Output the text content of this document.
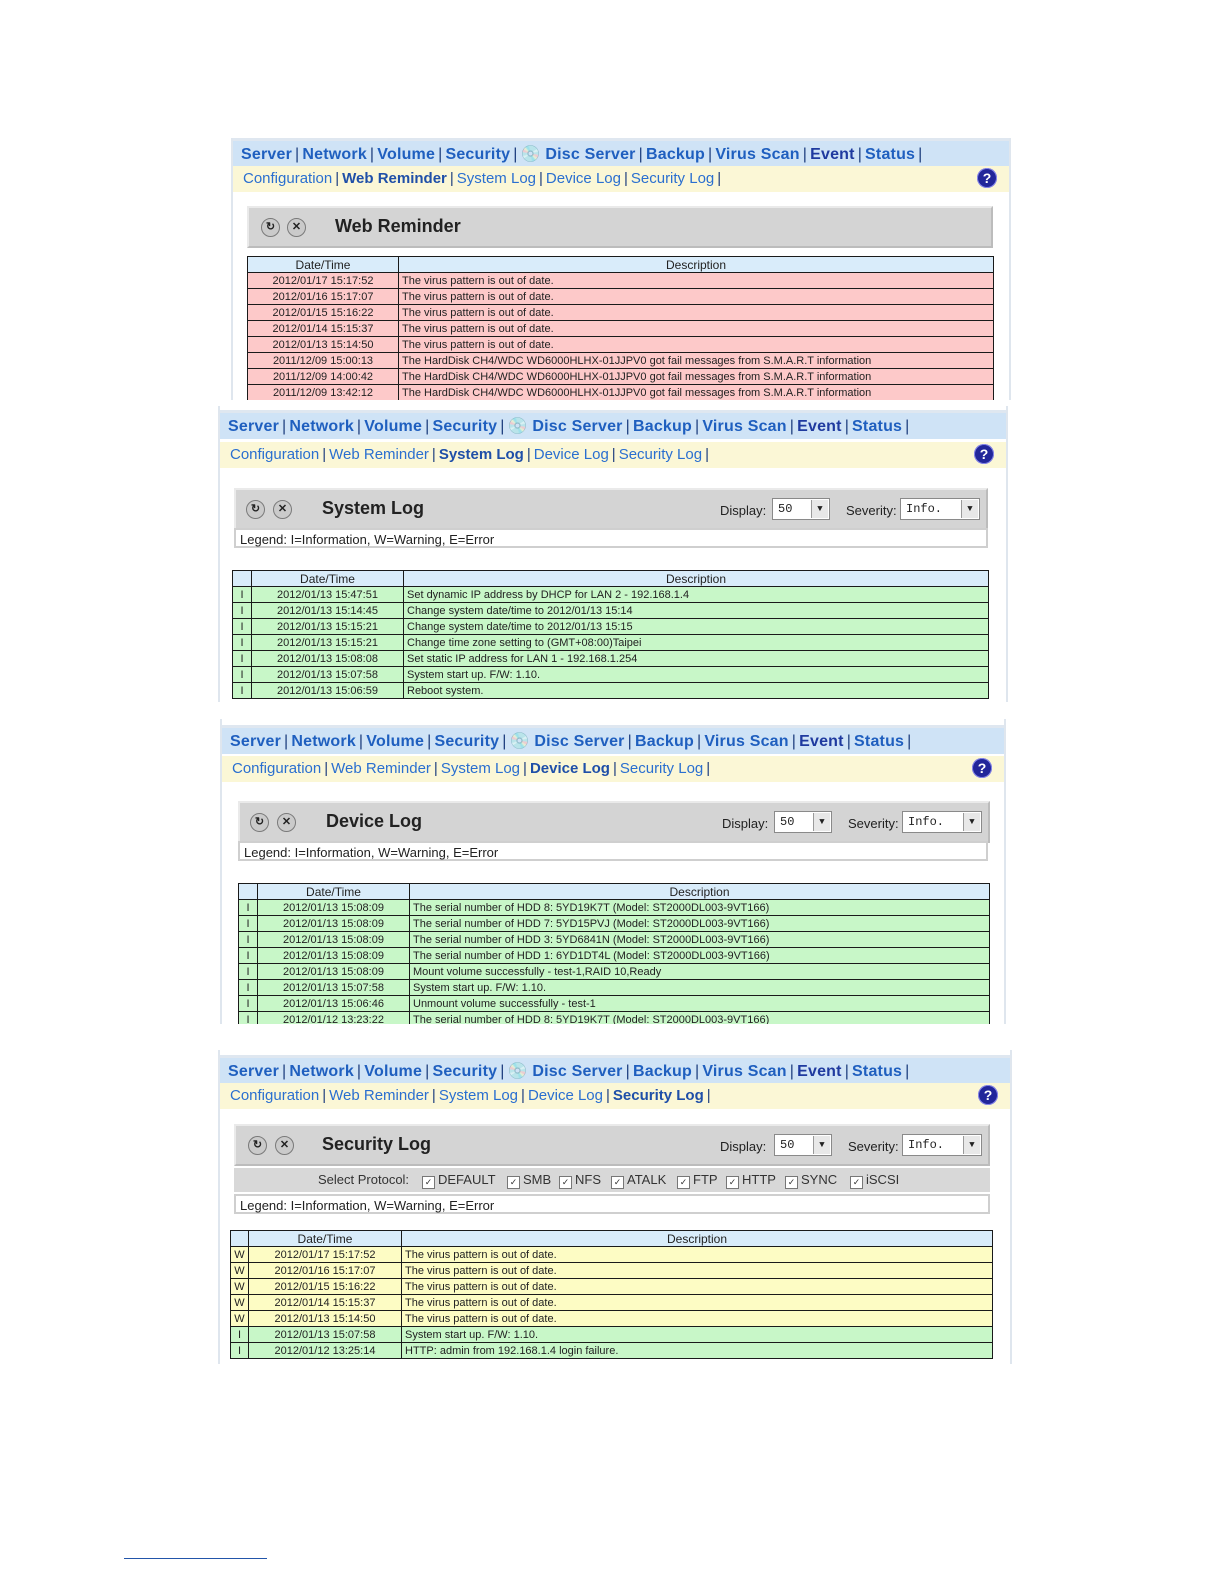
Server | Network | Volume | Security | 💿 Disc Server | Backup | Virus Scan | Event | Status |
Configuration | Web Reminder | System Log | Device Log | Security Log |	?
↻	✕ Web Reminder
Date/Time	Description
2012/01/17 15:17:52	The virus pattern is out of date.
2012/01/16 15:17:07	The virus pattern is out of date.
2012/01/15 15:16:22	The virus pattern is out of date.
2012/01/14 15:15:37	The virus pattern is out of date.
2012/01/13 15:14:50	The virus pattern is out of date.
2011/12/09 15:00:13	The HardDisk CH4/WDC WD6000HLHX-01JJPV0 got fail messages from S.M.A.R.T information
2011/12/09 14:00:42	The HardDisk CH4/WDC WD6000HLHX-01JJPV0 got fail messages from S.M.A.R.T information
2011/12/09 13:42:12	The HardDisk CH4/WDC WD6000HLHX-01JJPV0 got fail messages from S.M.A.R.T information
Server | Network | Volume | Security | 💿 Disc Server | Backup | Virus Scan | Event | Status |
Configuration | Web Reminder | System Log | Device Log | Security Log |	?
↻	✕ System Log	Display: 50	▼	Severity: Info.	▼
Legend: I=Information, W=Warning, E=Error
	Date/Time	Description
I	2012/01/13 15:47:51	Set dynamic IP address by DHCP for LAN 2 - 192.168.1.4
I	2012/01/13 15:14:45	Change system date/time to 2012/01/13 15:14
I	2012/01/13 15:15:21	Change system date/time to 2012/01/13 15:15
I	2012/01/13 15:15:21	Change time zone setting to (GMT+08:00)Taipei
I	2012/01/13 15:08:08	Set static IP address for LAN 1 - 192.168.1.254
I	2012/01/13 15:07:58	System start up. F/W: 1.10.
I	2012/01/13 15:06:59	Reboot system.
Server | Network | Volume | Security | 💿 Disc Server | Backup | Virus Scan | Event | Status |
Configuration | Web Reminder | System Log | Device Log | Security Log |	?
↻	✕ Device Log	Display: 50	▼	Severity: Info.	▼
Legend: I=Information, W=Warning, E=Error
	Date/Time	Description
I	2012/01/13 15:08:09	The serial number of HDD 8: 5YD19K7T (Model: ST2000DL003-9VT166)
I	2012/01/13 15:08:09	The serial number of HDD 7: 5YD15PVJ (Model: ST2000DL003-9VT166)
I	2012/01/13 15:08:09	The serial number of HDD 3: 5YD6841N (Model: ST2000DL003-9VT166)
I	2012/01/13 15:08:09	The serial number of HDD 1: 6YD1DT4L (Model: ST2000DL003-9VT166)
I	2012/01/13 15:08:09	Mount volume successfully - test-1,RAID 10,Ready
I	2012/01/13 15:07:58	System start up. F/W: 1.10.
I	2012/01/13 15:06:46	Unmount volume successfully - test-1
I	2012/01/12 13:23:22	The serial number of HDD 8: 5YD19K7T (Model: ST2000DL003-9VT166)
Server | Network | Volume | Security | 💿 Disc Server | Backup | Virus Scan | Event | Status |
Configuration | Web Reminder | System Log | Device Log | Security Log |	?
↻	✕ Security Log	Display: 50	▼	Severity: Info.	▼
Select Protocol:	✓ DEFAULT	✓ SMB	✓ NFS	✓ ATALK	✓ FTP	✓ HTTP	✓ SYNC	✓ iSCSI
Legend: I=Information, W=Warning, E=Error
	Date/Time	Description
W	2012/01/17 15:17:52	The virus pattern is out of date.
W	2012/01/16 15:17:07	The virus pattern is out of date.
W	2012/01/15 15:16:22	The virus pattern is out of date.
W	2012/01/14 15:15:37	The virus pattern is out of date.
W	2012/01/13 15:14:50	The virus pattern is out of date.
I	2012/01/13 15:07:58	System start up. F/W: 1.10.
I	2012/01/12 13:25:14	HTTP: admin from 192.168.1.4 login failure.
